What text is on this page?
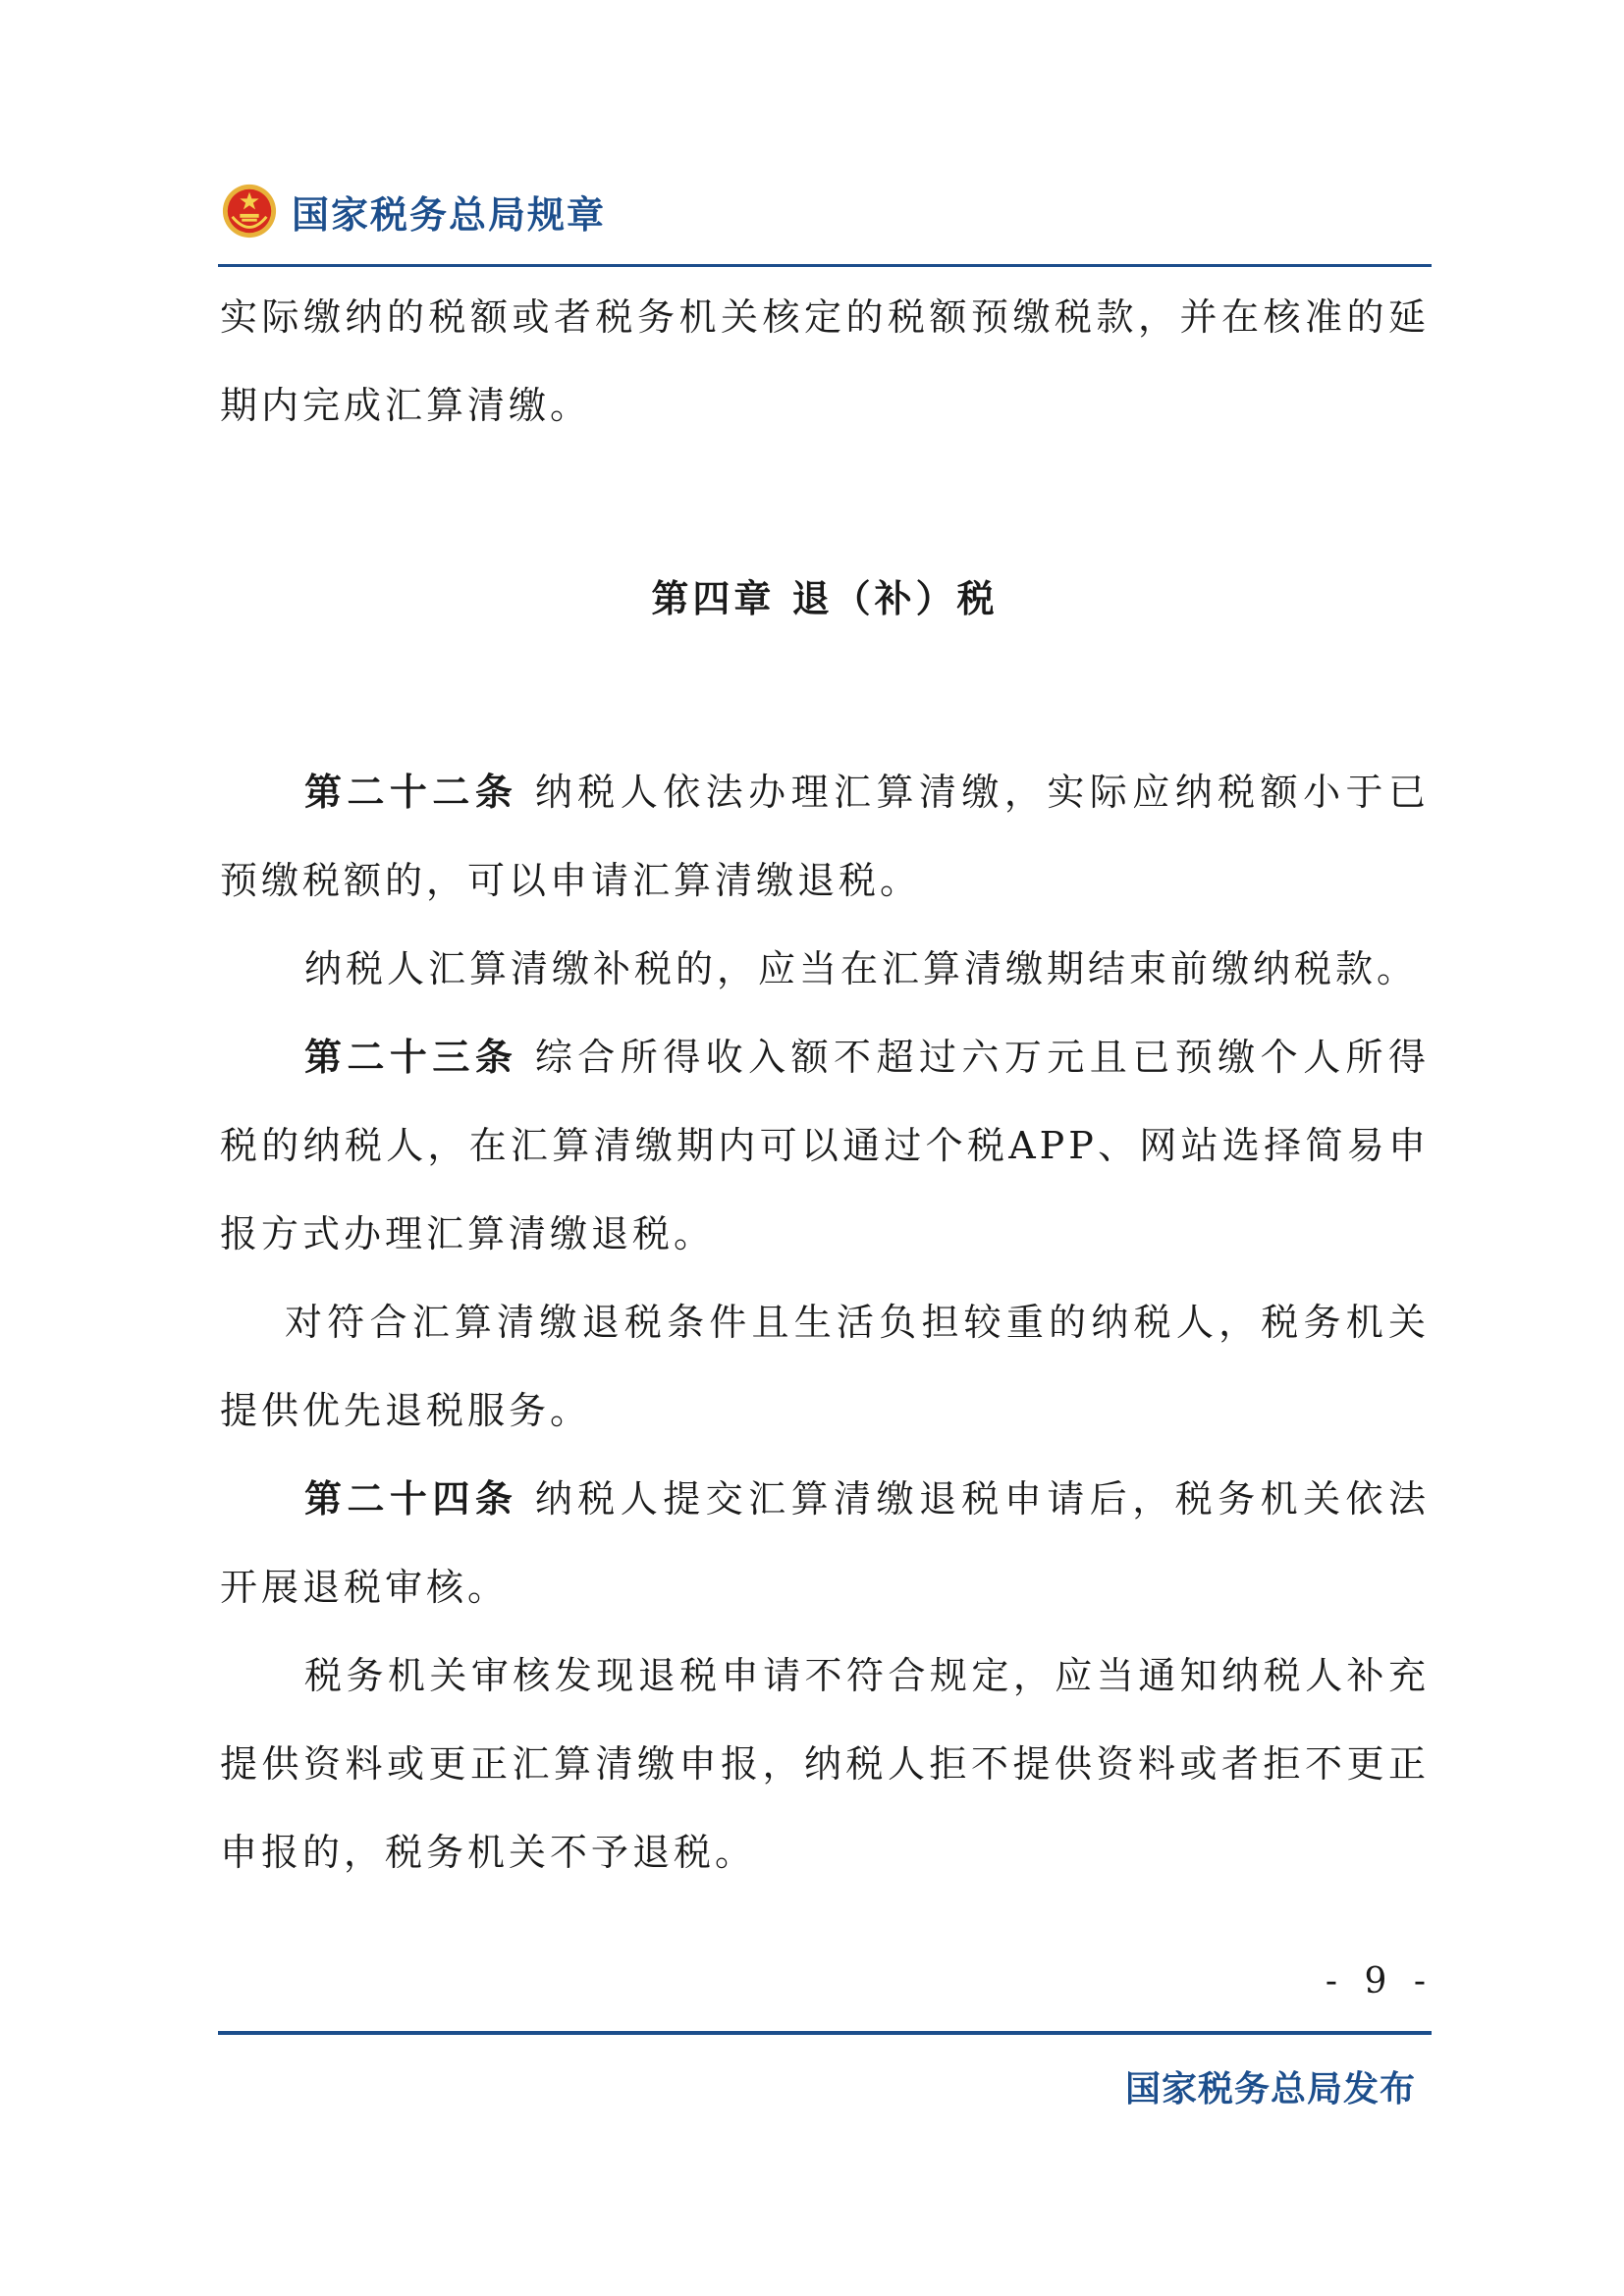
国家税务总局规章

实际缴纳的税额或者税务机关核定的税额预缴税款，并在核准的延期内完成汇算清缴。

第四章 退（补）税

第二十二条 纳税人依法办理汇算清缴，实际应纳税额小于已预缴税额的，可以申请汇算清缴退税。

纳税人汇算清缴补税的，应当在汇算清缴期结束前缴纳税款。

第二十三条 综合所得收入额不超过六万元且已预缴个人所得税的纳税人，在汇算清缴期内可以通过个税APP、网站选择简易申报方式办理汇算清缴退税。

对符合汇算清缴退税条件且生活负担较重的纳税人，税务机关提供优先退税服务。

第二十四条 纳税人提交汇算清缴退税申请后，税务机关依法开展退税审核。

税务机关审核发现退税申请不符合规定，应当通知纳税人补充提供资料或更正汇算清缴申报，纳税人拒不提供资料或者拒不更正申报的，税务机关不予退税。

- 9 -
国家税务总局发布
